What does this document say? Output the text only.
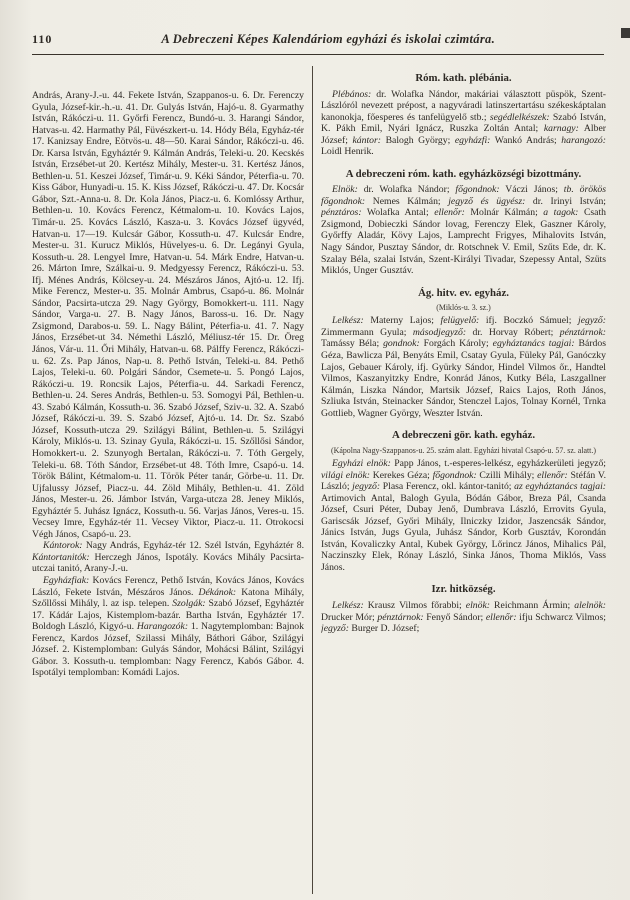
110	A Debreczeni Képes Kalendáriom egyházi és iskolai czimtára.

András, Arany-J.-u. 44. Fekete István, Szappanos-u. 6. Dr. Ferenczy Gyula, József-kir.-h.-u. 41. Dr. Gulyás István, Hajó-u. 8. Gyarmathy István, Rákóczi-u. 11. Győrfi Ferencz, Bundó-u. 3. Harangi Sándor, Hatvas-u. 42. Harmathy Pál, Füvészkert-u. 14. Hódy Béla, Egyház-tér 17. Kanizsay Endre, Eötvös-u. 48—50. Karai Sándor, Rákóczi-u. 46. Dr. Karsa István, Egyháztér 9. Kálmán András, Teleki-u. 20. Kecskés István, Erzsébet-ut 20. Kertész Mihály, Mester-u. 31. Kertész János, Bethlen-u. 51. Keszei József, Timár-u. 9. Kéki Sándor, Péterfia-u. 70. Kiss Gábor, Hunyadi-u. 15. K. Kiss József, Rákóczi-u. 47. Dr. Kocsár Gábor, Szt.-Anna-u. 8. Dr. Kola János, Piacz-u. 6. Komlóssy Arthur, Bethlen-u. 10. Kovács Ferencz, Kétmalom-u. 10. Kovács Lajos, Timár-u. 25. Kovács László, Kasza-u. 3. Kovács József ügyvéd, Hatvan-u. 17—19. Kulcsár Gábor, Kossuth-u. 47. Kulcsár Endre, Mester-u. 31. Kurucz Miklós, Hüvelyes-u. 6. Dr. Legányi Gyula, Kossuth-u. 28. Lengyel Imre, Hatvan-u. 54. Márk Endre, Hatvan-u. 26. Márton Imre, Szálkai-u. 9. Medgyessy Ferencz, Rákóczi-u. 53. Ifj. Ménes András, Kölcsey-u. 24. Mészáros János, Ajtó-u. 12. Ifj. Mike Ferencz, Mester-u. 35. Molnár Ambrus, Csapó-u. 86. Molnár Sándor, Pacsirta-utcza 29. Nagy György, Bomokkert-u. 111. Nagy Sándor, Varga-u. 27. B. Nagy János, Baross-u. 16. Dr. Nagy Zsigmond, Darabos-u. 59. L. Nagy Bálint, Péterfia-u. 41. 7. Nagy János, Erzsébet-ut 34. Némethi László, Méliusz-tér 15. Dr. Öreg János, Vár-u. 11. Őri Mihály, Hatvan-u. 68. Pálffy Ferencz, Rákóczi-u. 62. Zs. Pap János, Nap-u. 8. Pethő István, Teleki-u. 84. Pethő Lajos, Teleki-u. 60. Polgári Sándor, Csemete-u. 5. Pongó Lajos, Rákóczi-u. 19. Roncsik Lajos, Péterfia-u. 44. Sarkadi Ferencz, Bethlen-u. 24. Seres András, Bethlen-u. 53. Somogyi Pál, Bethlen-u. 43. Szabó Kálmán, Kossuth-u. 36. Szabó József, Sziv-u. 32. A. Szabó József, Rákóczi-u. 39. S. Szabó József, Ajtó-u. 14. Dr. Sz. Szabó József, Kossuth-utcza 29. Szilágyi Bálint, Bethlen-u. 5. Szilágyi Károly, Miklós-u. 13. Szinay Gyula, Rákóczi-u. 15. Szőllősi Sándor, Homokkert-u. 2. Szunyogh Bertalan, Rákóczi-u. 7. Tóth Gergely, Teleki-u. 68. Tóth Sándor, Erzsébet-ut 48. Tóth Imre, Csapó-u. 14. Török Bálint, Kétmalom-u. 11. Török Péter tanár, Görbe-u. 11. Dr. Ujfalussy József, Piacz-u. 44. Zöld Mihály, Bethlen-u. 41. Zöld János, Mester-u. 26. Jámbor István, Varga-utcza 28. Jeney Miklós, Egyháztér 5. Juhász Ignácz, Kossuth-u. 56. Varjas János, Veres-u. 15. Vecsey Imre, Egyház-tér 11. Vecsey Viktor, Piacz-u. 11. Otrokocsi Végh János, Csapó-u. 23.

Kántorok: Nagy András, Egyház-tér 12. Szél István, Egyháztér 8. Kántortanitók: Herczegh János, Ispotály. Kovács Mihály Pacsirta-utczai tanitó, Arany-J.-u.

Egyházfiak: Kovács Ferencz, Pethő István, Kovács János, Kovács László, Fekete István, Mészáros János. Dékánok: Katona Mihály, Szőllőssi Mihály, l. az isp. telepen. Szolgák: Szabó József, Egyháztér 17. Kádár Lajos, Kistemplom-bazár. Bartha István, Egyháztér 17. Boldogh László, Kigyó-u. Harangozók: 1. Nagytemplomban: Bajnok Ferencz, Kardos József, Szilassi Mihály, Báthori Gábor, Szilágyi József. 2. Kistemplomban: Gulyás Sándor, Mohácsi Bálint, Szilágyi Gábor. 3. Kossuth-u. templomban: Nagy Ferencz, Kabós Gábor. 4. Ispotályi templomban: Komádi Lajos.

Róm. kath. plébánia.

Plébános: dr. Wolafka Nándor, makáriai választott püspök, Szent-Lászlóról nevezett prépost, a nagyváradi latinszertartásu székeskáptalan kanonokja, főesperes és tanfelügyelő stb.; segédlelkészek: Szabó István, K. Pákh Emil, Nyári Ignácz, Ruszka Zoltán Antal; karnagy: Alber József; kántor: Balogh György; egyházfi: Wankó András; harangozó: Loidl Henrik.

A debreczeni róm. kath. egyházközségi bizottmány.

Elnök: dr. Wolafka Nándor; főgondnok: Váczi János; tb. örökös főgondnok: Nemes Kálmán; jegyző és ügyész: dr. Irinyi István; pénztáros: Wolafka Antal; ellenőr: Molnár Kálmán; a tagok: Csath Zsigmond, Dobieczki Sándor lovag, Ferenczy Elek, Gaszner Károly, Győrffy Aladár, Kövy Lajos, Lamprecht Frigyes, Mihalovits István, Nagy Sándor, Pusztay Sándor, dr. Rotschnek V. Emil, Szűts Ede, dr. K. Szalay Béla, szalai István, Szent-Királyi Tivadar, Szepessy Antal, Szüts Miklós, Unger Gusztáv.

Ág. hitv. ev. egyház.
(Miklós-u. 3. sz.)

Lelkész: Materny Lajos; felügyelő: ifj. Boczkó Sámuel; jegyző: Zimmermann Gyula; másodjegyző: dr. Horvay Róbert; pénztárnok: Tamássy Béla; gondnok: Forgách Károly; egyháztanács tagjai: Bárdos Géza, Bawlicza Pál, Benyáts Emil, Csatay Gyula, Füleky Pál, Ganóczky Lajos, Gebauer Károly, ifj. Gyürky Sándor, Hindel Vilmos őr., Handtel Vilmos, Kaszanyitzky Endre, Konrád János, Kutky Béla, Laszgallner Kálmán, Liszka Nándor, Martsik József, Raics Lajos, Roth János, Szliuka István, Steinacker Sándor, Stenczel Lajos, Tolnay Kornél, Trnka Gottlieb, Wagner György, Weszter István.

A debreczeni gör. kath. egyház.
(Kápolna Nagy-Szappanos-u. 25. szám alatt. Egyházi hivatal Csapó-u. 57. sz. alatt.)

Egyházi elnök: Papp János, t.-esperes-lelkész, egyházkerületi jegyző; világi elnök: Kerekes Géza; főgondnok: Czilli Mihály; ellenőr: Stéfán V. László; jegyző: Plasa Ferencz, okl. kántor-tanitó; az egyháztanács tagjai: Artimovich Antal, Balogh Gyula, Bódán Gábor, Breza Pál, Csanda József, Csuri Péter, Dubay Jenő, Dumbrava László, Errovits Gyula, Gariscsák József, Győri Mihály, Ilniczky Izidor, Jaszencsák Sándor, Jánics István, Jugs Gyula, Juhász Sándor, Korb Gusztáv, Korondán István, Kovaliczky Antal, Kubek György, Lőrincz János, Mihalics Pál, Naczinszky Elek, Rónay László, Sinka János, Thoma Miklós, Vass János.

Izr. hitközség.

Lelkész: Krausz Vilmos főrabbi; elnök: Reichmann Ármin; alelnök: Drucker Mór; pénztárnok: Fenyő Sándor; ellenőr: ifju Schwarcz Vilmos; jegyző: Burger D. József;
